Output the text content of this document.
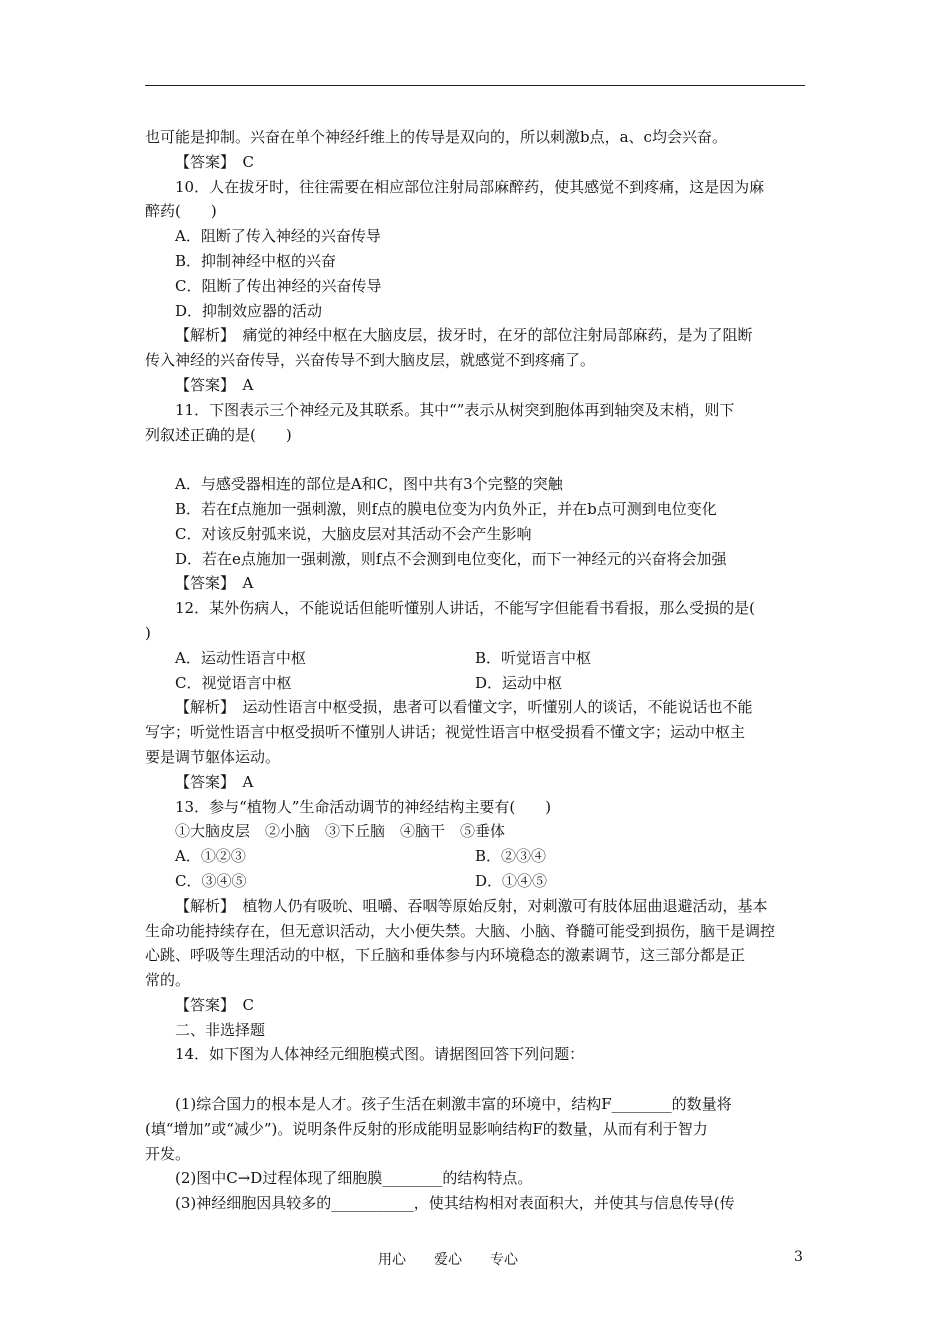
也可能是抑制。兴奋在单个神经纤维上的传导是双向的，所以刺激b点，a、c均会兴奋。
【答案】　C
10．人在拔牙时，往往需要在相应部位注射局部麻醉药，使其感觉不到疼痛，这是因为麻
醉药(　　)
A．阻断了传入神经的兴奋传导
B．抑制神经中枢的兴奋
C．阻断了传出神经的兴奋传导
D．抑制效应器的活动
【解析】　痛觉的神经中枢在大脑皮层，拔牙时，在牙的部位注射局部麻药，是为了阻断
传入神经的兴奋传导，兴奋传导不到大脑皮层，就感觉不到疼痛了。
【答案】　A
11．下图表示三个神经元及其联系。其中“”表示从树突到胞体再到轴突及末梢，则下
列叙述正确的是(　　)
A．与感受器相连的部位是A和C，图中共有3个完整的突触
B．若在f点施加一强刺激，则f点的膜电位变为内负外正，并在b点可测到电位变化
C．对该反射弧来说，大脑皮层对其活动不会产生影响
D．若在e点施加一强刺激，则f点不会测到电位变化，而下一神经元的兴奋将会加强
【答案】　A
12．某外伤病人，不能说话但能听懂别人讲话，不能写字但能看书看报，那么受损的是(
)
A．运动性语言中枢	B．听觉语言中枢
C．视觉语言中枢	D．运动中枢
【解析】　运动性语言中枢受损，患者可以看懂文字，听懂别人的谈话，不能说话也不能
写字；听觉性语言中枢受损听不懂别人讲话；视觉性语言中枢受损看不懂文字；运动中枢主
要是调节躯体运动。
【答案】　A
13．参与“植物人”生命活动调节的神经结构主要有(　　)
①大脑皮层　②小脑　③下丘脑　④脑干　⑤垂体
A．①②③	B．②③④
C．③④⑤	D．①④⑤
【解析】　植物人仍有吸吮、咀嚼、吞咽等原始反射，对刺激可有肢体屈曲退避活动，基本
生命功能持续存在，但无意识活动，大小便失禁。大脑、小脑、脊髓可能受到损伤，脑干是调控
心跳、呼吸等生理活动的中枢，下丘脑和垂体参与内环境稳态的激素调节，这三部分都是正
常的。
【答案】　C
二、非选择题
14．如下图为人体神经元细胞模式图。请据图回答下列问题：
(1)综合国力的根本是人才。孩子生活在刺激丰富的环境中，结构F________的数量将
(填“增加”或“减少”)。说明条件反射的形成能明显影响结构F的数量，从而有利于智力
开发。
(2)图中C→D过程体现了细胞膜________的结构特点。
(3)神经细胞因具较多的___________，使其结构相对表面积大，并使其与信息传导(传
用心　　爱心　　专心	3
